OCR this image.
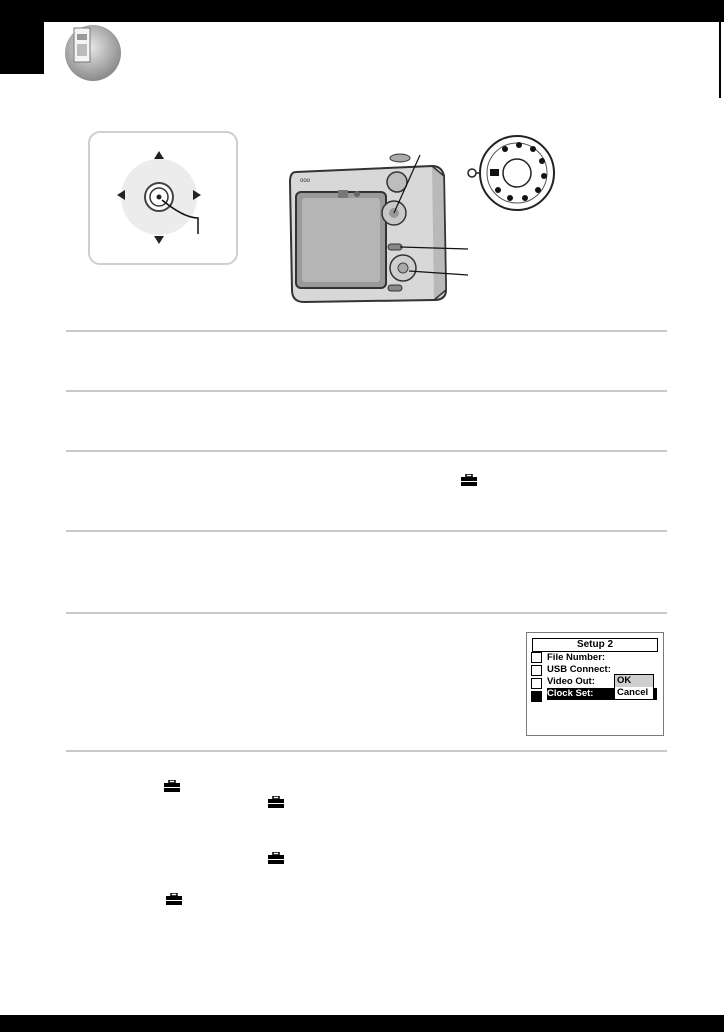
ooo
Setup 2
File Number:
USB Connect:
Video Out:
Clock Set:
OK
Cancel
